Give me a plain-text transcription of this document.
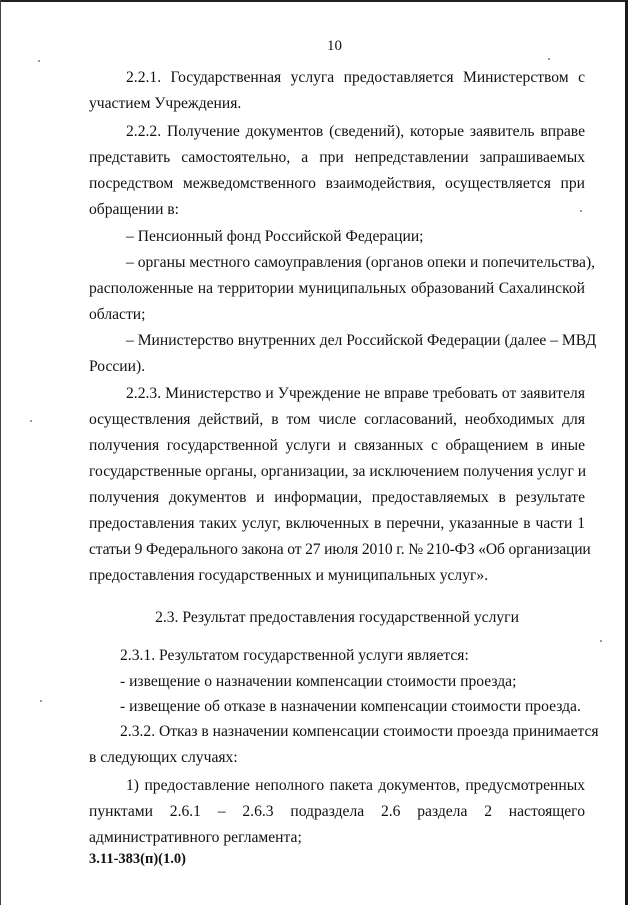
10
2.2.1. Государственная услуга предоставляется Министерством с
участием Учреждения.
2.2.2. Получение документов (сведений), которые заявитель вправе
представить самостоятельно, а при непредставлении запрашиваемых
посредством межведомственного взаимодействия, осуществляется при
обращении в:
– Пенсионный фонд Российской Федерации;
– органы местного самоуправления (органов опеки и попечительства),
расположенные на территории муниципальных образований Сахалинской
области;
– Министерство внутренних дел Российской Федерации (далее – МВД
России).
2.2.3. Министерство и Учреждение не вправе требовать от заявителя
осуществления действий, в том числе согласований, необходимых для
получения государственной услуги и связанных с обращением в иные
государственные органы, организации, за исключением получения услуг и
получения документов и информации, предоставляемых в результате
предоставления таких услуг, включенных в перечни, указанные в части 1
статьи 9 Федерального закона от 27 июля 2010 г. № 210-ФЗ «Об организации
предоставления государственных и муниципальных услуг».
2.3. Результат предоставления государственной услуги
2.3.1. Результатом государственной услуги является:
- извещение о назначении компенсации стоимости проезда;
- извещение об отказе в назначении компенсации стоимости проезда.
2.3.2. Отказ в назначении компенсации стоимости проезда принимается
в следующих случаях:
1) предоставление неполного пакета документов, предусмотренных
пунктами 2.6.1 – 2.6.3 подраздела 2.6 раздела 2 настоящего
административного регламента;
3.11-383(п)(1.0)
